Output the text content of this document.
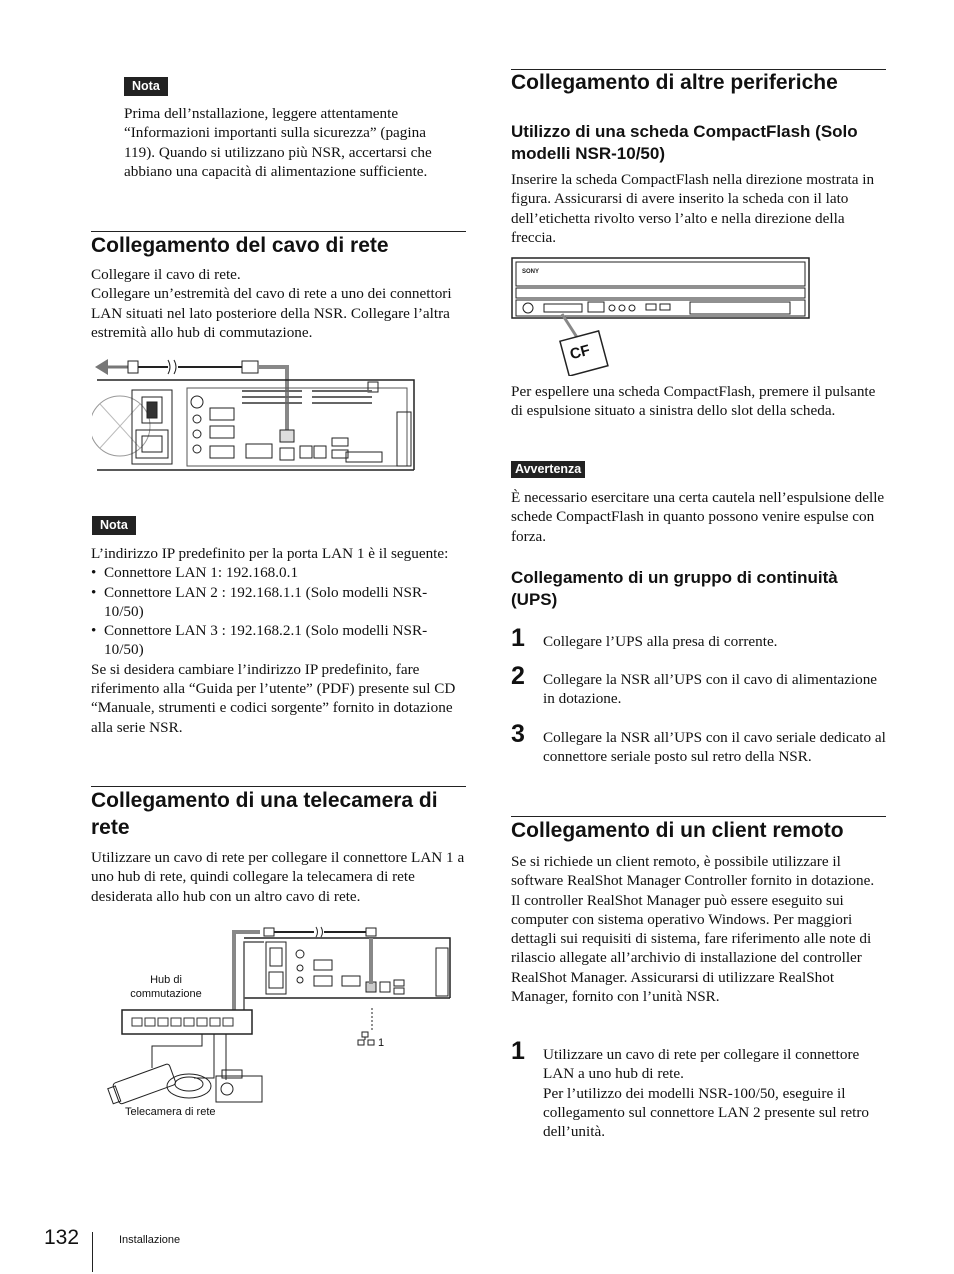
Nota

Prima dell’nstallazione, leggere attentamente “Informazioni importanti sulla sicurezza” (pagina 119). Quando si utilizzano più NSR, accertarsi che abbiano una capacità di alimentazione sufficiente.

Collegamento del cavo di rete

Collegare il cavo di rete.

Collegare un’estremità del cavo di rete a uno dei connettori LAN situati nel lato posteriore della NSR. Collegare l’altra estremità allo hub di commutazione.

Nota

L’indirizzo IP predefinito per la porta LAN 1 è il seguente:

• Connettore LAN 1: 192.168.0.1
• Connettore LAN 2 : 192.168.1.1 (Solo modelli NSR-10/50)
• Connettore LAN 3 : 192.168.2.1 (Solo modelli NSR-10/50)

Se si desidera cambiare l’indirizzo IP predefinito, fare riferimento alla “Guida per l’utente” (PDF) presente sul CD “Manuale, strumenti e codici sorgente” fornito in dotazione alla serie NSR.

Collegamento di una telecamera di rete

Utilizzare un cavo di rete per collegare il connettore LAN 1 a uno hub di rete, quindi collegare la telecamera di rete desiderata allo hub con un altro cavo di rete.

Hub di commutazione
Telecamera di rete
1
Collegamento di altre periferiche
Utilizzo di una scheda CompactFlash (Solo modelli NSR-10/50)

Inserire la scheda CompactFlash nella direzione mostrata in figura. Assicurarsi di avere inserito la scheda con il lato dell’etichetta rivolto verso l’alto e nella direzione della freccia.

SONY
CF

Per espellere una scheda CompactFlash, premere il pulsante di espulsione situato a sinistra dello slot della scheda.

Avvertenza

È necessario esercitare una certa cautela nell’espulsione delle schede CompactFlash in quanto possono venire espulse con forza.

Collegamento di un gruppo di continuità (UPS)
1 Collegare l’UPS alla presa di corrente.

2 Collegare la NSR all’UPS con il cavo di alimentazione in dotazione.

3 Collegare la NSR all’UPS con il cavo seriale dedicato al connettore seriale posto sul retro della NSR.

Collegamento di un client remoto

Se si richiede un client remoto, è possibile utilizzare il software RealShot Manager Controller fornito in dotazione.

Il controller RealShot Manager può essere eseguito sui computer con sistema operativo Windows. Per maggiori dettagli sui requisiti di sistema, fare riferimento alle note di rilascio allegate all’archivio di installazione del controller RealShot Manager. Assicurarsi di utilizzare RealShot Manager, fornito con l’unità NSR.

1 Utilizzare un cavo di rete per collegare il connettore LAN a uno hub di rete.

Per l’utilizzo dei modelli NSR-100/50, eseguire il collegamento sul connettore LAN 2 presente sul retro dell’unità.

132	Installazione
